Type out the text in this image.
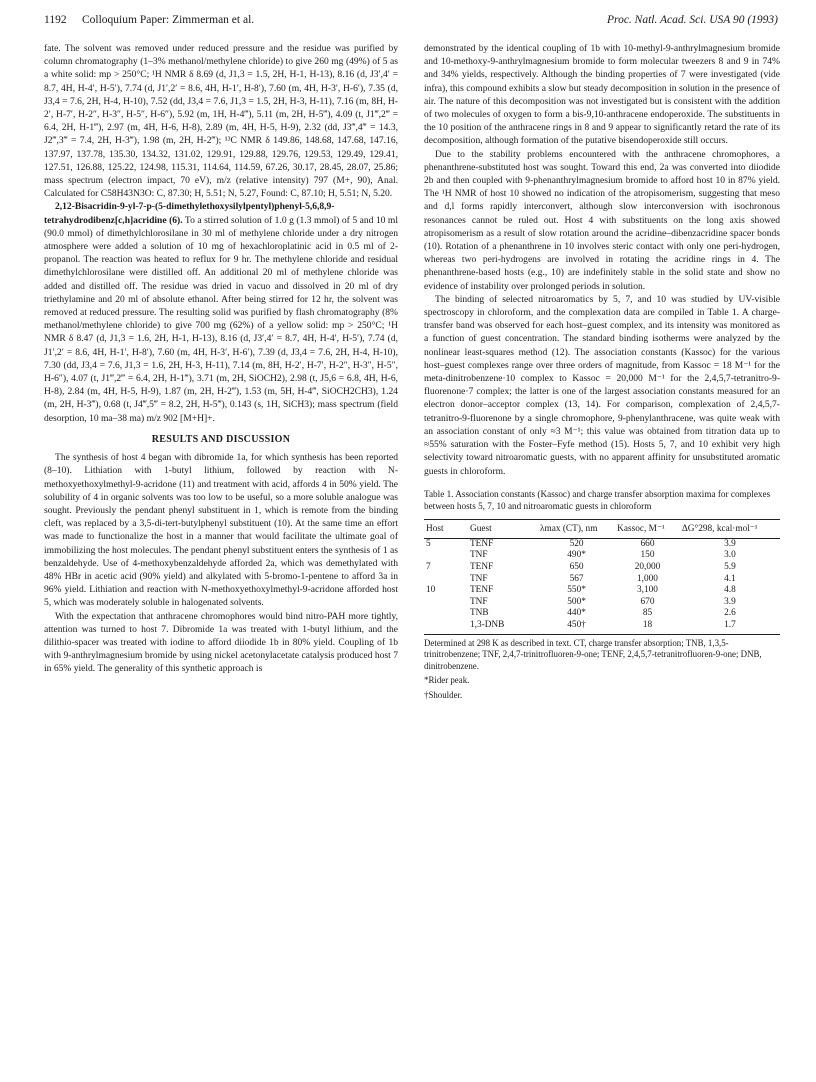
1192 Colloquium Paper: Zimmerman et al.	Proc. Natl. Acad. Sci. USA 90 (1993)

fate. The solvent was removed under reduced pressure and the residue was purified by column chromatography (1–3% methanol/methylene chloride) to give 260 mg (49%) of 5 as a white solid: mp > 250°C; ¹H NMR δ 8.69 (d, J1,3 = 1.5, 2H, H-1, H-13), 8.16 (d, J3′,4′ = 8.7, 4H, H-4′, H-5′), 7.74 (d, J1′,2′ = 8.6, 4H, H-1′, H-8′), 7.60 (m, 4H, H-3′, H-6′), 7.35 (d, J3,4 = 7.6, 2H, H-4, H-10), 7.52 (dd, J3,4 = 7.6, J1,3 = 1.5, 2H, H-3, H-11), 7.16 (m, 8H, H-2′, H-7′, H-2″, H-3″, H-5″, H-6″), 5.92 (m, 1H, H-4‴), 5.11 (m, 2H, H-5‴), 4.09 (t, J1‴,2‴ = 6.4, 2H, H-1‴), 2.97 (m, 4H, H-6, H-8), 2.89 (m, 4H, H-5, H-9), 2.32 (dd, J3‴,4‴ = 14.3, J2‴,3‴ = 7.4, 2H, H-3‴), 1.98 (m, 2H, H-2‴); ¹³C NMR δ 149.86, 148.68, 147.68, 147.16, 137.97, 137.78, 135.30, 134.32, 131.02, 129.91, 129.88, 129.76, 129.53, 129.49, 129.41, 127.51, 126.88, 125.22, 124.98, 115.31, 114.64, 114.59, 67.26, 30.17, 28.45, 28.07, 25.86; mass spectrum (electron impact, 70 eV), m/z (relative intensity) 797 (M+, 90), Anal. Calculated for C58H43N3O: C, 87.30; H, 5.51; N, 5.27, Found: C, 87.10; H, 5.51; N, 5.20.

2,12-Bisacridin-9-yl-7-p-(5-dimethylethoxysilylpentyl)phenyl-5,6,8,9-tetrahydrodibenz[c,h]acridine (6). To a stirred solution of 1.0 g (1.3 mmol) of 5 and 10 ml (90.0 mmol) of dimethylchlorosilane in 30 ml of methylene chloride under a dry nitrogen atmosphere were added a solution of 10 mg of hexachloroplatinic acid in 0.5 ml of 2-propanol. The reaction was heated to reflux for 9 hr. The methylene chloride and residual dimethylchlorosilane were distilled off. An additional 20 ml of methylene chloride was added and distilled off. The residue was dried in vacuo and dissolved in 20 ml of dry triethylamine and 20 ml of absolute ethanol. After being stirred for 12 hr, the solvent was removed at reduced pressure. The resulting solid was purified by flash chromatography (8% methanol/methylene chloride) to give 700 mg (62%) of a yellow solid: mp > 250°C; ¹H NMR δ 8.47 (d, J1,3 = 1.6, 2H, H-1, H-13), 8.16 (d, J3′,4′ = 8.7, 4H, H-4′, H-5′), 7.74 (d, J1′,2′ = 8.6, 4H, H-1′, H-8′), 7.60 (m, 4H, H-3′, H-6′), 7.39 (d, J3,4 = 7.6, 2H, H-4, H-10), 7.30 (dd, J3,4 = 7.6, J1,3 = 1.6, 2H, H-3, H-11), 7.14 (m, 8H, H-2′, H-7′, H-2″, H-3″, H-5″, H-6″), 4.07 (t, J1‴,2‴ = 6.4, 2H, H-1‴), 3.71 (m, 2H, SiOCH2), 2.98 (t, J5,6 = 6.8, 4H, H-6, H-8), 2.84 (m, 4H, H-5, H-9), 1.87 (m, 2H, H-2‴), 1.53 (m, 5H, H-4‴, SiOCH2CH3), 1.24 (m, 2H, H-3‴), 0.68 (t, J4‴,5‴ = 8.2, 2H, H-5‴), 0.143 (s, 1H, SiCH3); mass spectrum (field desorption, 10 ma–38 ma) m/z 902 [M+H]+.

RESULTS AND DISCUSSION

The synthesis of host 4 began with dibromide 1a, for which synthesis has been reported (8–10). Lithiation with 1-butyl lithium, followed by reaction with N-methoxyethoxylmethyl-9-acridone (11) and treatment with acid, affords 4 in 50% yield. The solubility of 4 in organic solvents was too low to be useful, so a more soluble analogue was sought. Previously the pendant phenyl substituent in 1, which is remote from the binding cleft, was replaced by a 3,5-di-tert-butylphenyl substituent (10). At the same time an effort was made to functionalize the host in a manner that would facilitate the ultimate goal of immobilizing the host molecules. The pendant phenyl substituent enters the synthesis of 1 as benzaldehyde. Use of 4-methoxybenzaldehyde afforded 2a, which was demethylated with 48% HBr in acetic acid (90% yield) and alkylated with 5-bromo-1-pentene to afford 3a in 96% yield. Lithiation and reaction with N-methoxyethoxylmethyl-9-acridone afforded host 5, which was moderately soluble in halogenated solvents.

With the expectation that anthracene chromophores would bind nitro-PAH more tightly, attention was turned to host 7. Dibromide 1a was treated with 1-butyl lithium, and the dilithio-spacer was treated with iodine to afford diiodide 1b in 80% yield. Coupling of 1b with 9-anthrylmagnesium bromide by using nickel acetonylacetate catalysis produced host 7 in 65% yield. The generality of this synthetic approach is

demonstrated by the identical coupling of 1b with 10-methyl-9-anthrylmagnesium bromide and 10-methoxy-9-anthrylmagnesium bromide to form molecular tweezers 8 and 9 in 74% and 34% yields, respectively. Although the binding properties of 7 were investigated (vide infra), this compound exhibits a slow but steady decomposition in solution in the presence of air. The nature of this decomposition was not investigated but is consistent with the addition of two molecules of oxygen to form a bis-9,10-anthracene endoperoxide. The substituents in the 10 position of the anthracene rings in 8 and 9 appear to significantly retard the rate of its decomposition, although formation of the putative bisendoperoxide still occurs.

Due to the stability problems encountered with the anthracene chromophores, a phenanthrene-substituted host was sought. Toward this end, 2a was converted into diiodide 2b and then coupled with 9-phenanthrylmagnesium bromide to afford host 10 in 87% yield. The ¹H NMR of host 10 showed no indication of the atropisomerism, suggesting that meso and d,l forms rapidly interconvert, although slow interconversion with isochronous resonances cannot be ruled out. Host 4 with substituents on the long axis showed atropisomerism as a result of slow rotation around the acridine–dibenzacridine spacer bonds (10). Rotation of a phenanthrene in 10 involves steric contact with only one peri-hydrogen, whereas two peri-hydrogens are involved in rotating the acridine rings in 4. The phenanthrene-based hosts (e.g., 10) are indefinitely stable in the solid state and show no evidence of instability over prolonged periods in solution.

The binding of selected nitroaromatics by 5, 7, and 10 was studied by UV-visible spectroscopy in chloroform, and the complexation data are compiled in Table 1. A charge-transfer band was observed for each host–guest complex, and its intensity was monitored as a function of guest concentration. The standard binding isotherms were analyzed by the nonlinear least-squares method (12). The association constants (Kassoc) for the various host–guest complexes range over three orders of magnitude, from Kassoc = 18 M⁻¹ for the meta-dinitrobenzene·10 complex to Kassoc = 20,000 M⁻¹ for the 2,4,5,7-tetranitro-9-fluorenone·7 complex; the latter is one of the largest association constants measured for an electron donor–acceptor complex (13, 14). For comparison, complexation of 2,4,5,7-tetranitro-9-fluorenone by a single chromophore, 9-phenylanthracene, was quite weak with an association constant of only ≈3 M⁻¹; this value was obtained from titration data up to ≈55% saturation with the Foster–Fyfe method (15). Hosts 5, 7, and 10 exhibit very high selectivity toward nitroaromatic guests, with no apparent affinity for unsubstituted aromatic guests in chloroform.

Table 1. Association constants (Kassoc) and charge transfer absorption maxima for complexes between hosts 5, 7, 10 and nitroaromatic guests in chloroform
Host	Guest	λmax (CT), nm	Kassoc, M⁻¹	ΔG°298, kcal·mol⁻¹
5	TENF	520	660	3.9
	TNF	490*	150	3.0
7	TENF	650	20,000	5.9
	TNF	567	1,000	4.1
10	TENF	550*	3,100	4.8
	TNF	500*	670	3.9
	TNB	440*	85	2.6
	1,3-DNB	450†	18	1.7
Determined at 298 K as described in text. CT, charge transfer absorption; TNB, 1,3,5-trinitrobenzene; TNF, 2,4,7-trinitrofluoren-9-one; TENF, 2,4,5,7-tetranitrofluoren-9-one; DNB, dinitrobenzene.
*Rider peak.
†Shoulder.
